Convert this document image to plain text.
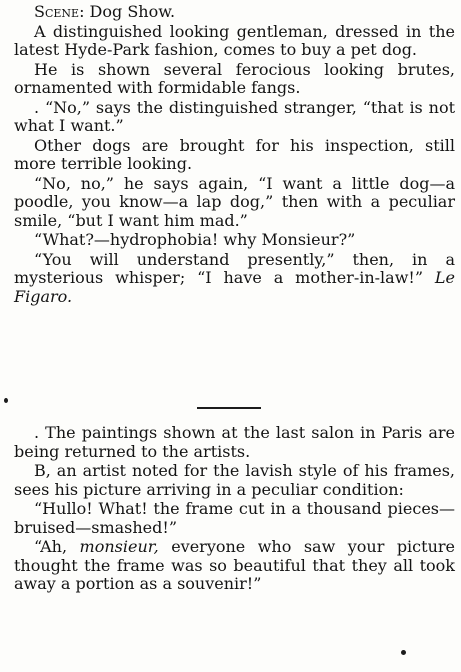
Scene: Dog Show.

A distinguished looking gentleman, dressed in the latest Hyde-Park fashion, comes to buy a pet dog.

He is shown several ferocious looking brutes, ornamented with formidable fangs.

. “No,” says the distinguished stranger, “that is not what I want.”

Other dogs are brought for his inspection, still more terrible looking.

“No, no,” he says again, “I want a little dog—a poodle, you know—a lap dog,” then with a peculiar smile, “but I want him mad.”

“What?—hydrophobia! why Monsieur?”

“You will understand presently,” then, in a mysterious whisper; “I have a mother-in-law!” Le Figaro.

. The paintings shown at the last salon in Paris are being returned to the artists.

B, an artist noted for the lavish style of his frames, sees his picture arriving in a peculiar condition:

“Hullo! What! the frame cut in a thousand pieces—bruised—smashed!”

“Ah, monsieur, everyone who saw your picture thought the frame was so beautiful that they all took away a portion as a souvenir!”
